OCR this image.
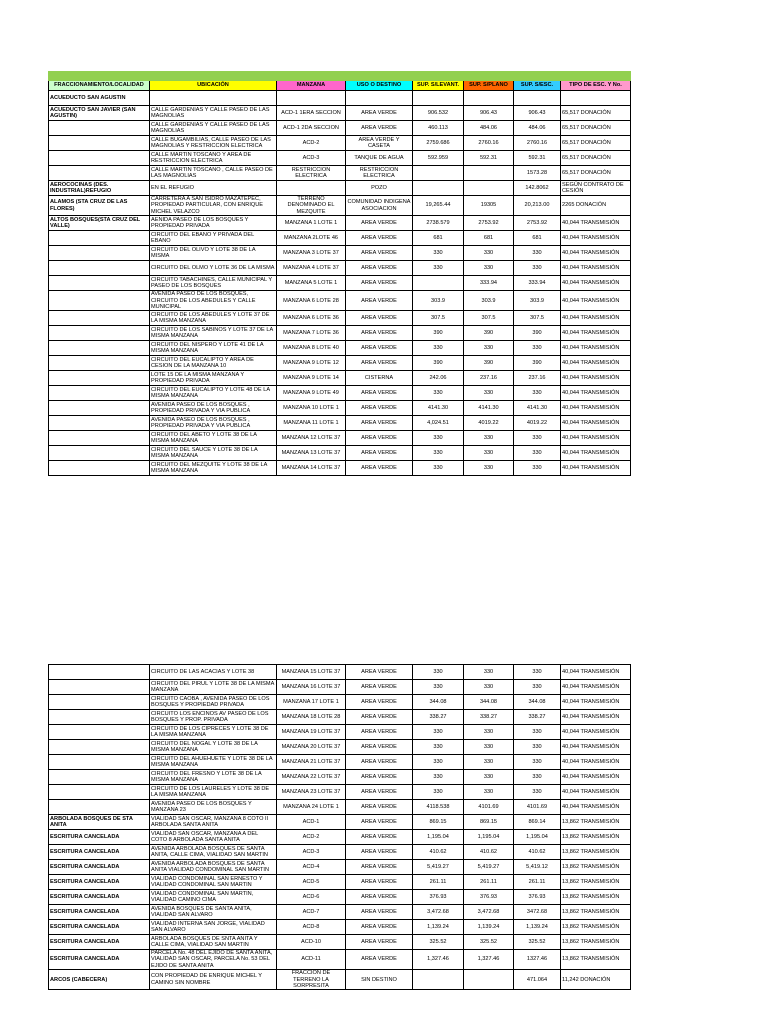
FRACCIONAMIENTO/LOCALIDAD	UBICACIÓN	MANZANA	USO O DESTINO	SUP. S/LEVANT.	SUP. S/PLANO	SUP. S/ESC.	TIPO DE ESC. Y No.
ACUEDUCTO SAN AGUSTIN							
ACUEDUCTO SAN JAVIER (SAN AGUSTIN)	CALLE GARDENIAS Y CALLE PASEO DE LAS MAGNOLIAS	ACD-1 1ERA SECCION	AREA VERDE	906.532	906.43	906.43	65,517 DONACIÓN
	CALLE GARDENIAS Y CALLE PASEO DE LAS MAGNOLIAS	ACD-1 2DA SECCION	AREA VERDE	460.113	484.06	484.06	65,517 DONACIÓN
	CALLE BUGAMBILIAS, CALLE PASEO DE LAS MAGNOLIAS Y RESTRICCION ELECTRICA	ACD-2	AREA VERDE Y CASETA	2759.686	2760.16	2760.16	65,517 DONACIÓN
	CALLE MARTIN TOSCANO Y AREA DE RESTRICCION ELECTRICA	ACD-3	TANQUE DE AGUA	592.959	592.31	592.31	65,517 DONACIÓN
	CALLE MARTIN TOSCANO , CALLE PASEO DE LAS MAGNOLIAS	RESTRICCION ELECTRICA	RESTRICCION ELECTRICA			1573.28	65,517 DONACIÓN
AEROCOCINAS (DES. INDUSTRIAL)REFUGIO	EN EL REFUGIO		POZO			142.8062	SEGÚN CONTRATO DE CESIÓN
ALAMOS (STA CRUZ DE LAS FLORES)	CARRETERA A SAN ISIDRO MAZATEPEC, PROPIEDAD PARTICULAR, CON ENRIQUE MICHEL VELAZCO	TERRENO DENOMINADO EL MEZQUITE	COMUNIDAD INDIGENA ASOCIACION	19,265.44	19305	20,213.00	2265 DONACIÓN
ALTOS BOSQUES(STA CRUZ DEL VALLE)	AENIDA PASEO DE LOS BOSQUES Y PROPIEDAD PRIVADA	MANZANA 1 LOTE 1	AREA VERDE	2738.579	2753.92	2753.92	40,044 TRANSMISIÓN
	CIRCUITO DEL EBANO Y PRIVADA DEL EBANO	MANZANA 2LOTE 46	AREA VERDE	681	681	681	40,044 TRANSMISIÓN
	CIRCUITO DEL OLIVO Y LOTE 38 DE LA MISMA	MANZANA 3 LOTE 37	AREA VERDE	330	330	330	40,044 TRANSMISIÓN
	CIRCUITO DEL OLMO Y LOTE 36 DE LA MISMA	MANZANA 4 LOTE 37	AREA VERDE	330	330	330	40,044 TRANSMISIÓN
	CIRCUITO TABACHINES, CALLE MUNICIPAL Y PASEO DE LOS BOSQUES	MANZANA 5 LOTE 1	AREA VERDE		333.94	333.94	40,044 TRANSMISIÓN
	AVENIDA PASEO DE LOS BOSQUES, CIRCUITO DE LOS ABEDULES Y CALLE MUNICIPAL	MANZANA 6 LOTE 28	AREA VERDE	303.9	303.9	303.9	40,044 TRANSMISIÓN
	CIRCUITO DE LOS ABEDULES Y LOTE 37 DE LA MISMA MANZANA	MANZANA 6 LOTE 36	AREA VERDE	307.5	307.5	307.5	40,044 TRANSMISIÓN
	CIRCUITO DE LOS SABINOS Y LOTE 37 DE LA MISMA MANZANA	MANZANA 7 LOTE 36	AREA VERDE	390	390	390	40,044 TRANSMISIÓN
	CIRCUITO DEL NISPERO Y LOTE 41 DE LA MISMA MANZANA	MANZANA 8 LOTE 40	AREA VERDE	330	330	330	40,044 TRANSMISIÓN
	CIRCUITO DEL EUCALIPTO Y AREA DE CESION DE LA MANZANA 10	MANZANA 9 LOTE 12	AREA VERDE	390	390	390	40,044 TRANSMISIÓN
	LOTE 15 DE LA MISMA MANZANA Y PROPIEDAD PRIVADA	MANZANA 9 LOTE 14	CISTERNA	242.06	237.16	237.16	40,044 TRANSMISIÓN
	CIRCUITO DEL EUCALIPTO Y LOTE 48 DE LA MISMA MANZANA	MANZANA 9 LOTE 49	AREA VERDE	330	330	330	40,044 TRANSMISIÓN
	AVENIDA PASEO DE LOS BOSQUES , PROPIEDAD PRIVADA Y VIA PUBLICA	MANZANA 10 LOTE 1	AREA VERDE	4141.30	4141.30	4141.30	40,044 TRANSMISIÓN
	AVENIDA PASEO DE LOS BOSQUES , PROPIEDAD PRIVADA Y VIA PUBLICA	MANZANA 11 LOTE 1	AREA VERDE	4,024.51	4019.22	4019.22	40,044 TRANSMISIÓN
	CIRCUITO DEL ABETO Y LOTE 38 DE LA MISMA MANZANA	MANZANA 12 LOTE 37	AREA VERDE	330	330	330	40,044 TRANSMISIÓN
	CIRCUITO DEL SAUCE Y LOTE 38 DE LA MISMA MANZANA	MANZANA 13 LOTE 37	AREA VERDE	330	330	330	40,044 TRANSMISIÓN
	CIRCUITO DEL MEZQUITE Y LOTE 38 DE LA MISMA MANZANA	MANZANA 14 LOTE 37	AREA VERDE	330	330	330	40,044 TRANSMISIÓN
	CIRCUITO DE LAS ACACIAS Y LOTE 38	MANZANA 15 LOTE 37	AREA VERDE	330	330	330	40,044 TRANSMISIÓN
	CIRCUITO DEL PIRUL Y LOTE 38 DE LA MISMA MANZANA	MANZANA 16 LOTE 37	AREA VERDE	330	330	330	40,044 TRANSMISIÓN
	CIRCUITO CAOBA , AVENIDA PASEO DE LOS BOSQUES Y PROPIEDAD PRIVADA	MANZANA 17 LOTE 1	AREA VERDE	344.08	344.08	344.08	40,044 TRANSMISIÓN
	CIRCUITO LOS ENCINOS AV PASEO DE LOS BOSQUES Y PROP. PRIVADA	MANZANA 18 LOTE 28	AREA VERDE	338.27	338.27	338.27	40,044 TRANSMISIÓN
	CIRCUITO DE LOS CIPRECES Y LOTE 38 DE LA MISMA MANZANA	MANZANA 19 LOTE 37	AREA VERDE	330	330	330	40,044 TRANSMISIÓN
	CIRCUITO DEL NOGAL Y LOTE 38 DE LA MISMA MANZANA	MANZANA 20 LOTE 37	AREA VERDE	330	330	330	40,044 TRANSMISIÓN
	CIRCUITO DEL AHUEHUETE Y LOTE 38 DE LA MISMA MANZANA	MANZANA 21 LOTE 37	AREA VERDE	330	330	330	40,044 TRANSMISIÓN
	CIRCUITO DEL FRESNO Y LOTE 38 DE LA MISMA MANZANA	MANZANA 22 LOTE 37	AREA VERDE	330	330	330	40,044 TRANSMISIÓN
	CIRCUITO DE LOS LAURELES Y LOTE 38 DE LA MISMA MANZANA	MANZANA 23 LOTE 37	AREA VERDE	330	330	330	40,044 TRANSMISIÓN
	AVENIDA PASEO DE LOS BOSQUES Y MANZANA 23	MANZANA 24 LOTE 1	AREA VERDE	4118.538	4101.69	4101.69	40,044 TRANSMISIÓN
ARBOLADA BOSQUES DE STA ANITA	VIALIDAD SAN OSCAR, MANZANA 8 COTO II ARBOLADA SANTA ANITA	ACD-1	AREA VERDE	869.15	869.15	869.14	13,862 TRANSMISIÓN
ESCRITURA CANCELADA	VIALIDAD SAN OSCAR, MANZANA A DEL COTO 8 ARBOLADA SANTA ANITA	ACD-2	AREA VERDE	1,195.04	1,195.04	1,195.04	13,862 TRANSMISIÓN
ESCRITURA CANCELADA	AVENIDA ARBOLADA BOSQUES DE SANTA ANITA, CALLE CIMA, VIALIDAD SAN MARTIN	ACD-3	AREA VERDE	410.62	410.62	410.62	13,862 TRANSMISIÓN
ESCRITURA CANCELADA	AVENIDA ARBOLADA BOSQUES DE SANTA ANITA VIALIDAD CONDOMINAL SAN MARTIN	ACD-4	AREA VERDE	5,419.27	5,419.27	5,419.12	13,862 TRANSMISIÓN
ESCRITURA CANCELADA	VIALIDAD CONDOMINAL SAN ERNESTO Y VIALIDAD CONDOMINAL SAN MARTIN	ACD-5	AREA VERDE	261.11	261.11	261.11	13,862 TRANSMISIÓN
ESCRITURA CANCELADA	VIALIDAD CONDOMINAL SAN MARTIN, VIALIDAD CAMINO CIMA	ACD-6	AREA VERDE	376.93	376.93	376.93	13,862 TRANSMISIÓN
ESCRITURA CANCELADA	AVENIDA BOSQUES DE SANTA ANITA, VIALIDAD SAN ALVARO	ACD-7	AREA VERDE	3,472.68	3,472.68	3472.68	13,862 TRANSMISIÓN
ESCRITURA CANCELADA	VIALIDAD INTERNA SAN JORGE, VIALIDAD SAN ALVARO	ACD-8	AREA VERDE	1,139.24	1,139.24	1,139.24	13,862 TRANSMISIÓN
ESCRITURA CANCELADA	ARBOLADA BOSQUES DE SNTA ANITA Y CALLE CIMA, VIALIDAD SAN MARTIN	ACD-10	AREA VERDE	325.52	325.52	325.52	13,862 TRANSMISIÓN
ESCRITURA CANCELADA	PARCELA No. 48 DEL EJIDO DE SANTA ANITA, VIALIDAD SAN OSCAR, PARCELA No. 53 DEL EJIDO DE SANTA ANITA	ACD-11	AREA VERDE	1,327.46	1,327.46	1327.46	13,862 TRANSMISIÓN
ARCOS (CABECERA)	CON PROPIEDAD DE ENRIQUE MICHEL Y CAMINO SIN NOMBRE	FRACCION DE TERRENO LA SORPRESITA	SIN DESTINO			471.064	11,242 DONACIÓN
